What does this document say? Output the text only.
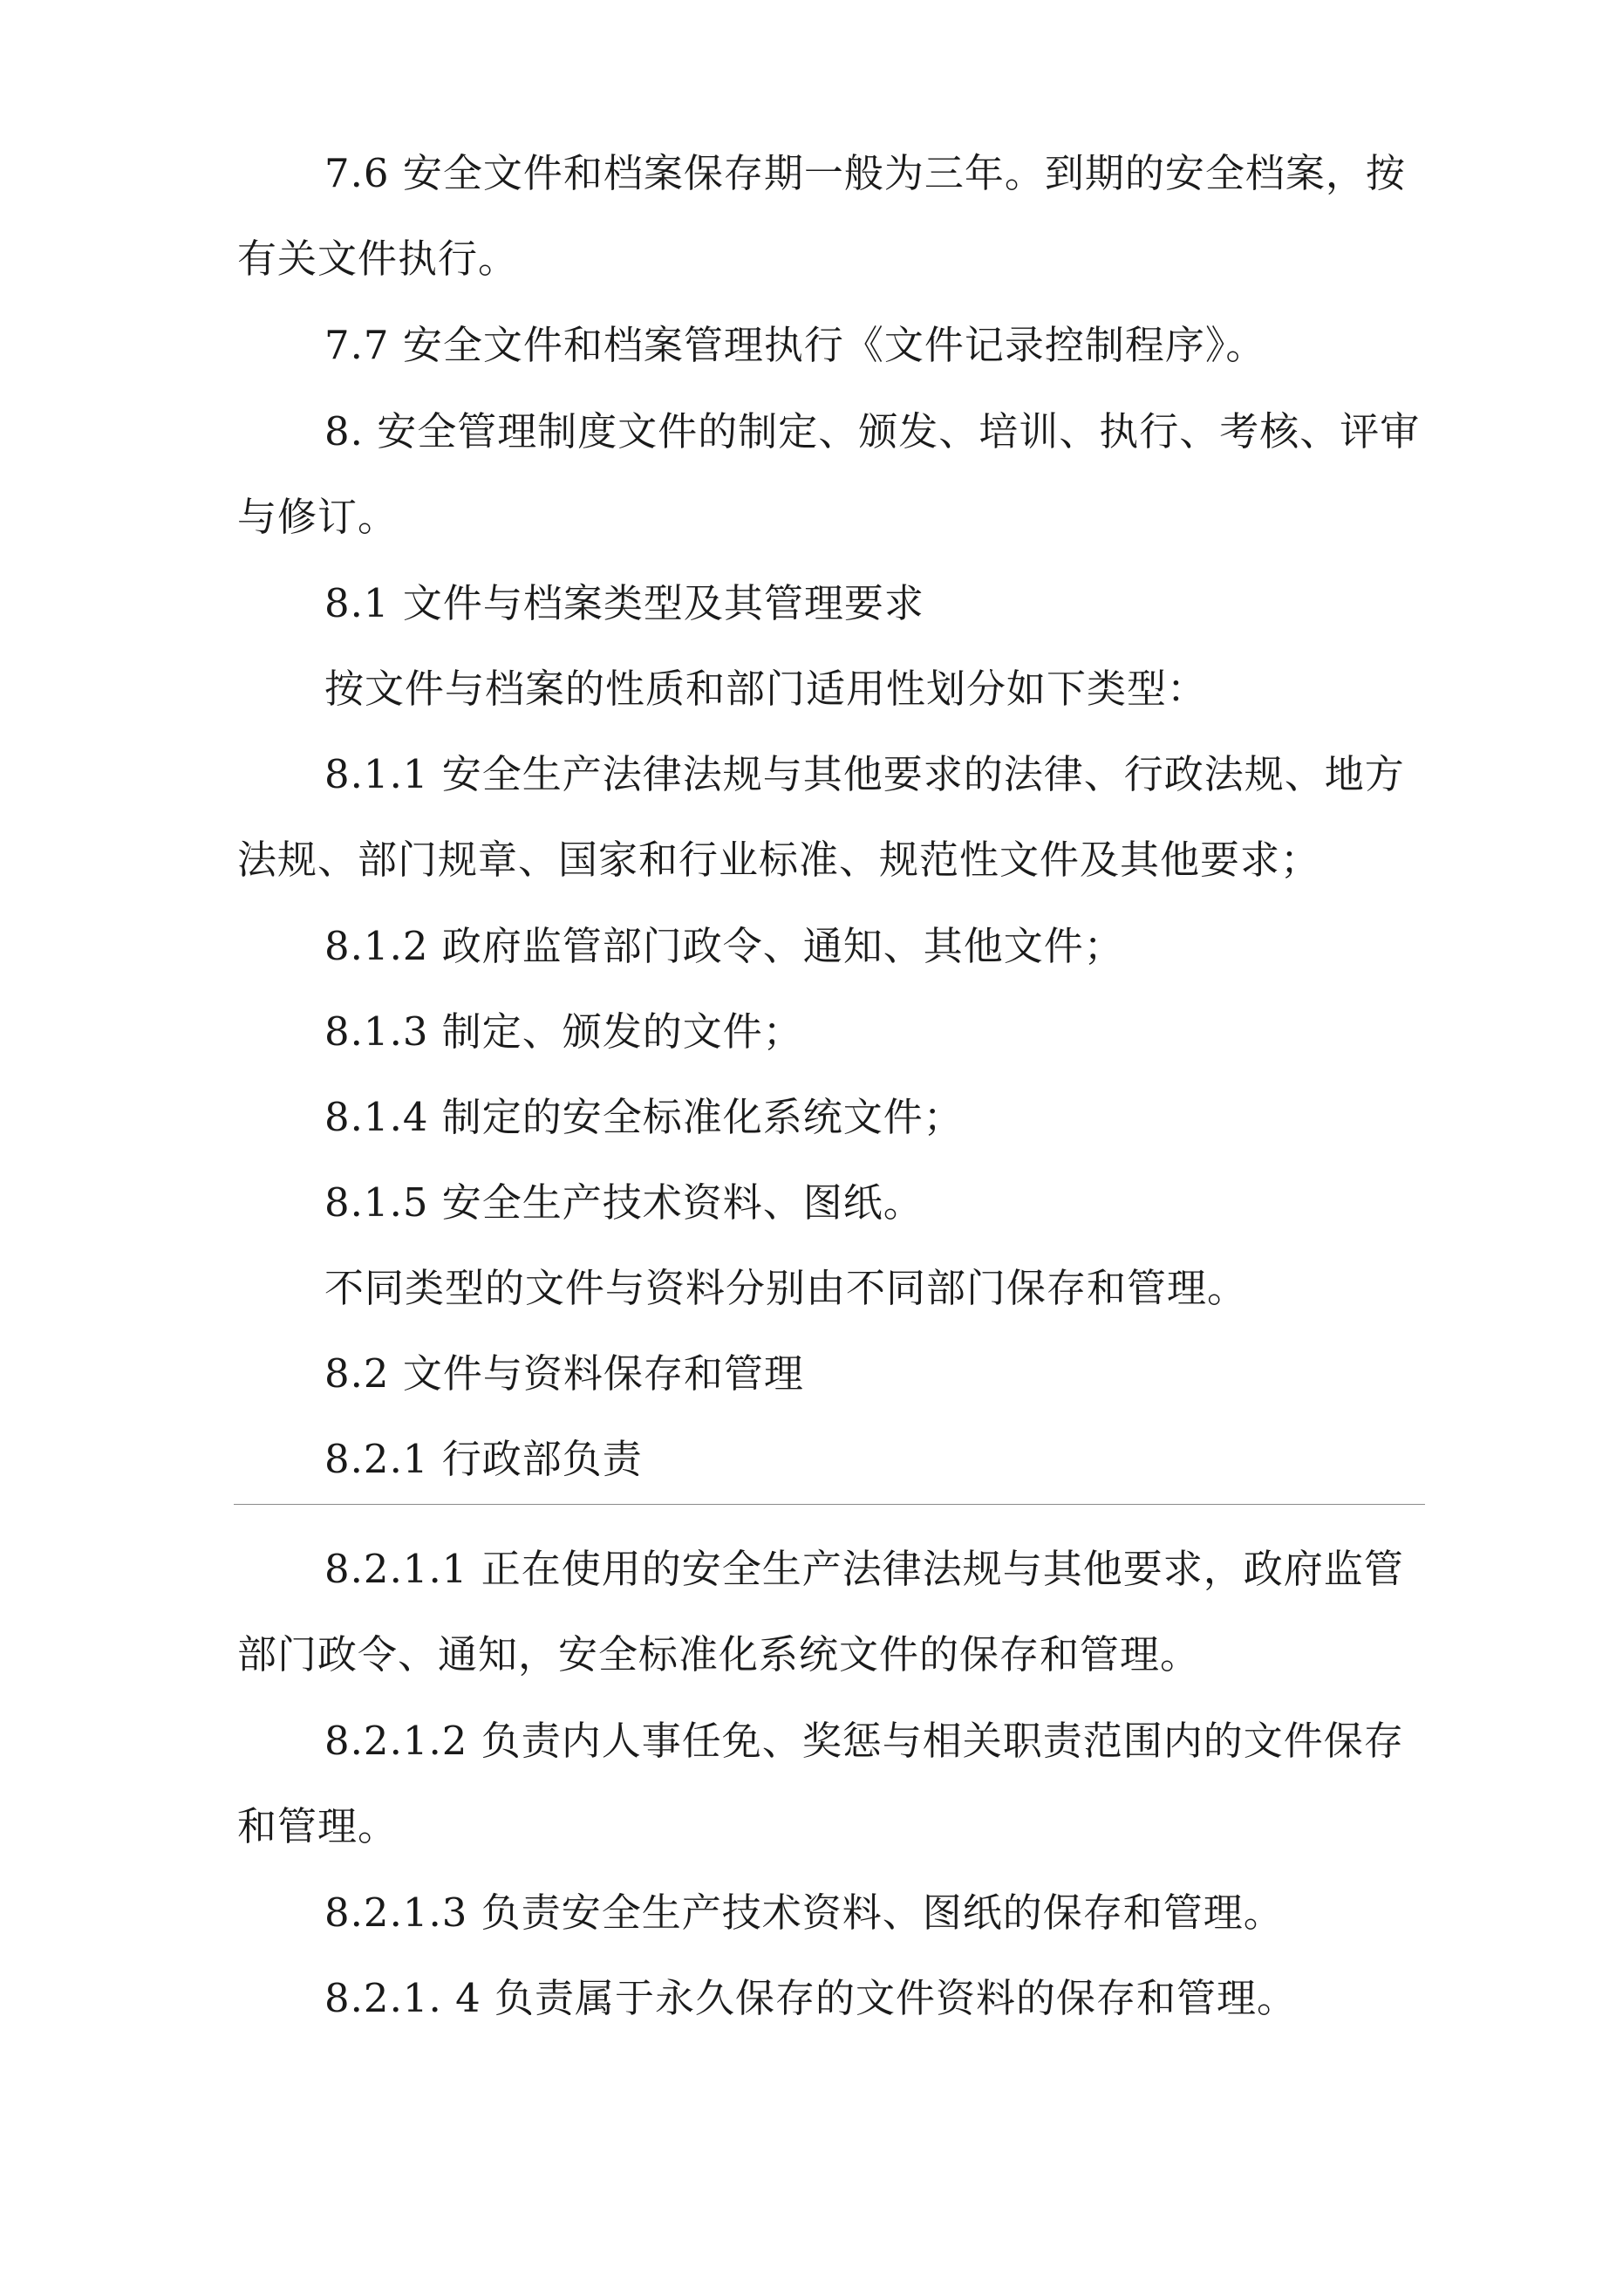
7.6 安全文件和档案保存期一般为三年。到期的安全档案，按有关文件执行。

7.7 安全文件和档案管理执行《文件记录控制程序》。

8. 安全管理制度文件的制定、颁发、培训、执行、考核、评审与修订。

8.1 文件与档案类型及其管理要求

按文件与档案的性质和部门适用性划分如下类型：

8.1.1 安全生产法律法规与其他要求的法律、行政法规、地方法规、部门规章、国家和行业标准、规范性文件及其他要求；

8.1.2 政府监管部门政令、通知、其他文件；

8.1.3 制定、颁发的文件；

8.1.4 制定的安全标准化系统文件；

8.1.5 安全生产技术资料、图纸。

不同类型的文件与资料分别由不同部门保存和管理。

8.2 文件与资料保存和管理

8.2.1 行政部负责

8.2.1.1 正在使用的安全生产法律法规与其他要求，政府监管部门政令、通知，安全标准化系统文件的保存和管理。

8.2.1.2 负责内人事任免、奖惩与相关职责范围内的文件保存和管理。

8.2.1.3 负责安全生产技术资料、图纸的保存和管理。

8.2.1. 4 负责属于永久保存的文件资料的保存和管理。
